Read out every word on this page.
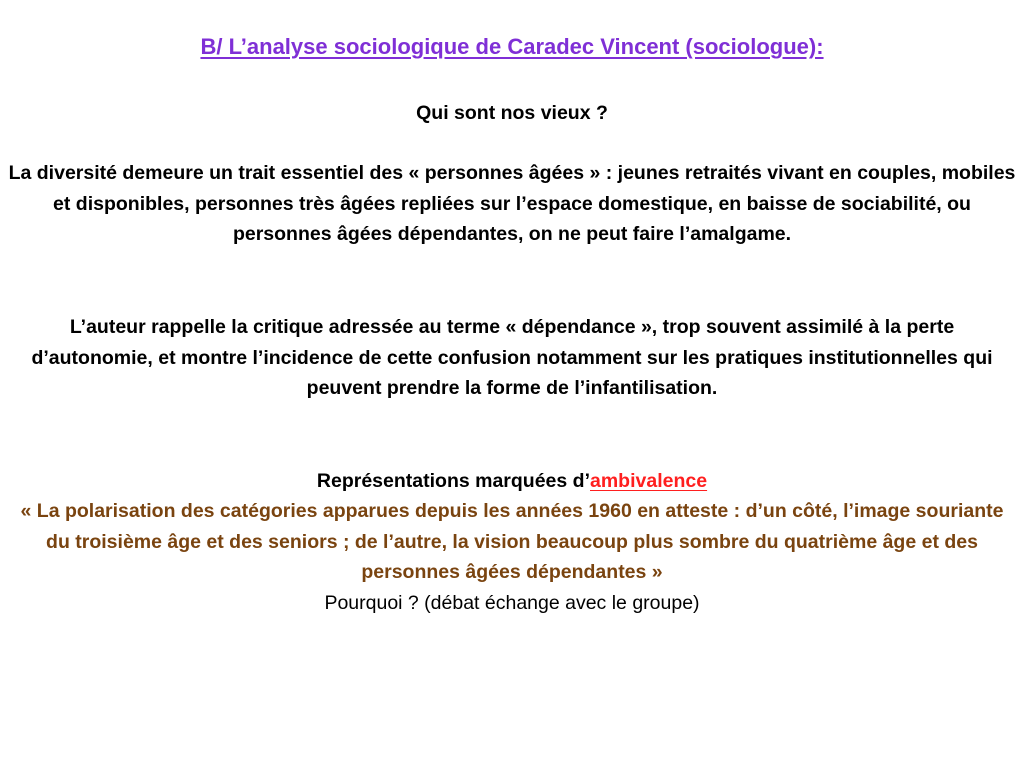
B/ L’analyse sociologique de Caradec Vincent (sociologue):
Qui sont nos vieux ?
La diversité demeure un trait essentiel des « personnes âgées » : jeunes retraités vivant en couples, mobiles et disponibles, personnes très âgées repliées sur l’espace domestique, en baisse de sociabilité, ou personnes âgées dépendantes, on ne peut faire l’amalgame.
L’auteur rappelle la critique adressée au terme « dépendance », trop souvent assimilé à la perte d’autonomie, et montre l’incidence de cette confusion notamment sur les pratiques institutionnelles qui peuvent prendre la forme de l’infantilisation.
Représentations marquées d’ambivalence
« La polarisation des catégories apparues depuis les années 1960 en atteste : d’un côté, l’image souriante du troisième âge et des seniors ; de l’autre, la vision beaucoup plus sombre du quatrième âge et des personnes âgées dépendantes »
Pourquoi ? (débat échange avec le groupe)
